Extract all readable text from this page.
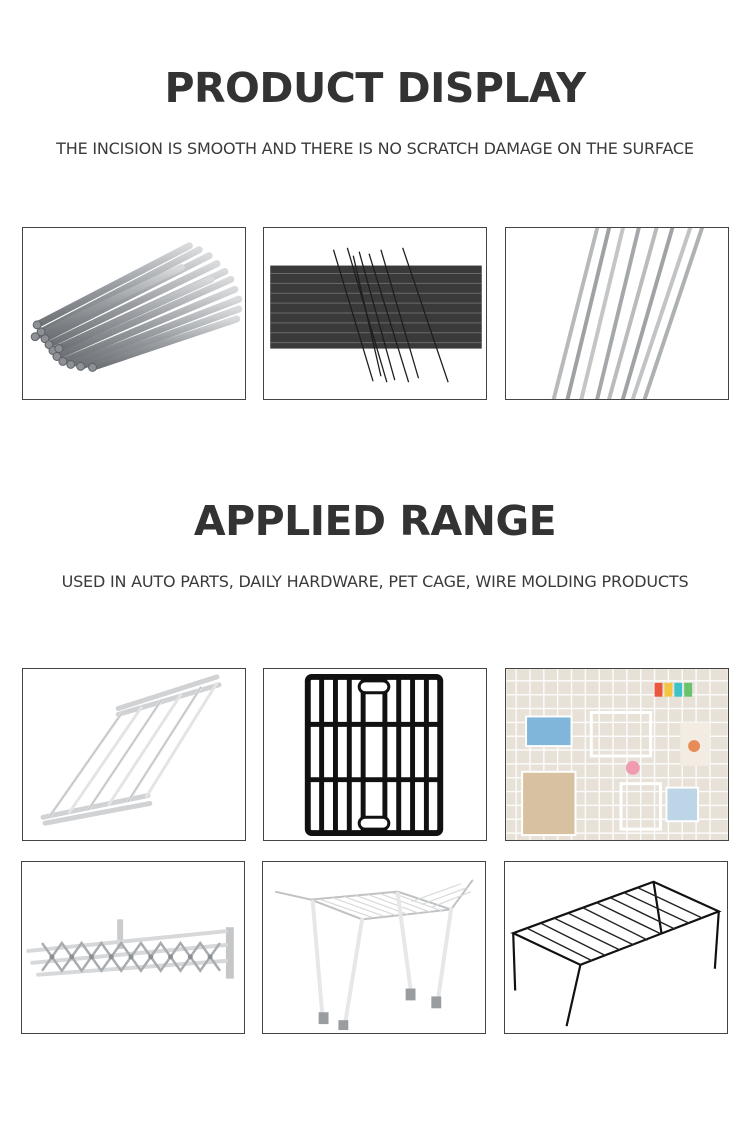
PRODUCT DISPLAY

THE INCISION IS SMOOTH AND THERE IS NO SCRATCH DAMAGE ON THE SURFACE

APPLIED RANGE

USED IN AUTO PARTS, DAILY HARDWARE, PET CAGE, WIRE MOLDING PRODUCTS
